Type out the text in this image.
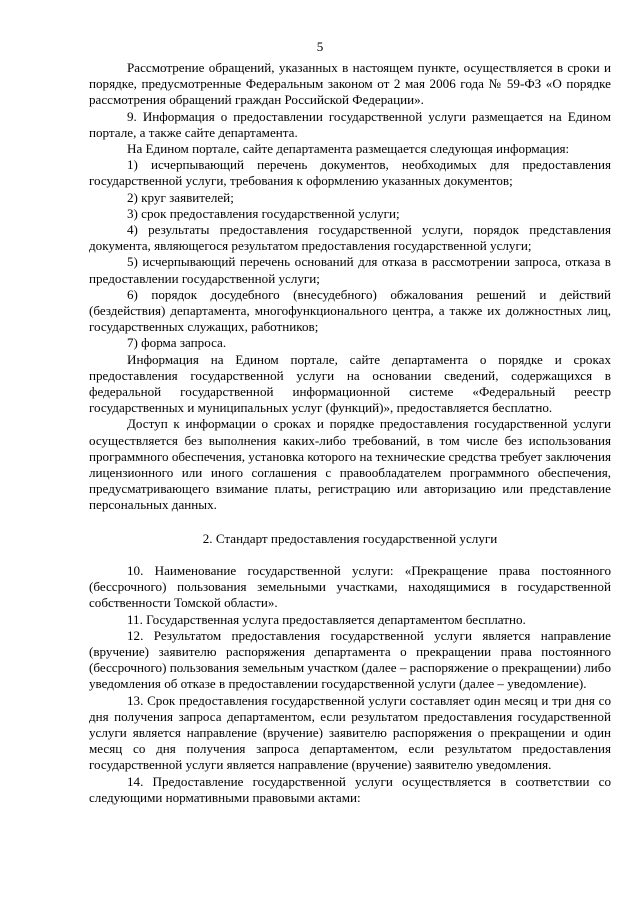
5

Рассмотрение обращений, указанных в настоящем пункте, осуществляется в сроки и порядке, предусмотренные Федеральным законом от 2 мая 2006 года № 59-ФЗ «О порядке рассмотрения обращений граждан Российской Федерации».

9. Информация о предоставлении государственной услуги размещается на Едином портале, а также сайте департамента.

На Едином портале, сайте департамента размещается следующая информация:

1) исчерпывающий перечень документов, необходимых для предоставления государственной услуги, требования к оформлению указанных документов;

2) круг заявителей;

3) срок предоставления государственной услуги;

4) результаты предоставления государственной услуги, порядок представления документа, являющегося результатом предоставления государственной услуги;

5) исчерпывающий перечень оснований для отказа в рассмотрении запроса, отказа в предоставлении государственной услуги;

6) порядок досудебного (внесудебного) обжалования решений и действий (бездействия) департамента, многофункционального центра, а также их должностных лиц, государственных служащих, работников;

7) форма запроса.

Информация на Едином портале, сайте департамента о порядке и сроках предоставления государственной услуги на основании сведений, содержащихся в федеральной государственной информационной системе «Федеральный реестр государственных и муниципальных услуг (функций)», предоставляется бесплатно.

Доступ к информации о сроках и порядке предоставления государственной услуги осуществляется без выполнения каких-либо требований, в том числе без использования программного обеспечения, установка которого на технические средства требует заключения лицензионного или иного соглашения с правообладателем программного обеспечения, предусматривающего взимание платы, регистрацию или авторизацию или представление персональных данных.

2. Стандарт предоставления государственной услуги

10. Наименование государственной услуги: «Прекращение права постоянного (бессрочного) пользования земельными участками, находящимися в государственной собственности Томской области».

11. Государственная услуга предоставляется департаментом бесплатно.

12. Результатом предоставления государственной услуги является направление (вручение) заявителю распоряжения департамента о прекращении права постоянного (бессрочного) пользования земельным участком (далее – распоряжение о прекращении) либо уведомления об отказе в предоставлении государственной услуги (далее – уведомление).

13. Срок предоставления государственной услуги составляет один месяц и три дня со дня получения запроса департаментом, если результатом предоставления государственной услуги является направление (вручение) заявителю распоряжения о прекращении и один месяц со дня получения запроса департаментом, если результатом предоставления государственной услуги является направление (вручение) заявителю уведомления.

14. Предоставление государственной услуги осуществляется в соответствии со следующими нормативными правовыми актами:
